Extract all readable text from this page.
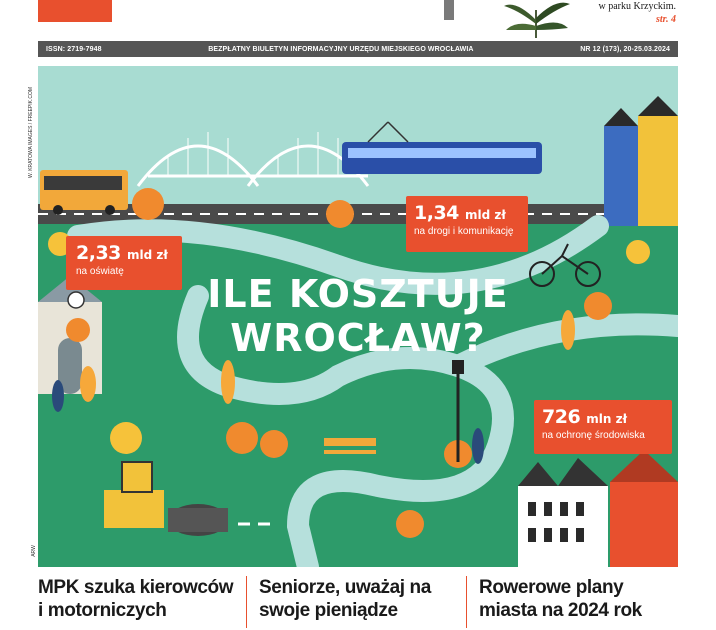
w parku Krzyckim.
str. 4
ISSN: 2719-7948	BEZPŁATNY BIULETYN INFORMACYJNY URZĘDU MIEJSKIEGO WROCŁAWIA	NR 12 (173), 20-25.03.2024
W. KRATOWA IMAGES / FREEPIK.COM
ARW
ILE KOSZTUJE
WROCŁAW?
1,34 mld zł
na drogi i komunikację
2,33 mld zł
na oświatę
726 mln zł
na ochronę środowiska
MPK szuka kierowców
i motorniczych
Seniorze, uważaj na
swoje pieniądze
Rowerowe plany
miasta na 2024 rok
